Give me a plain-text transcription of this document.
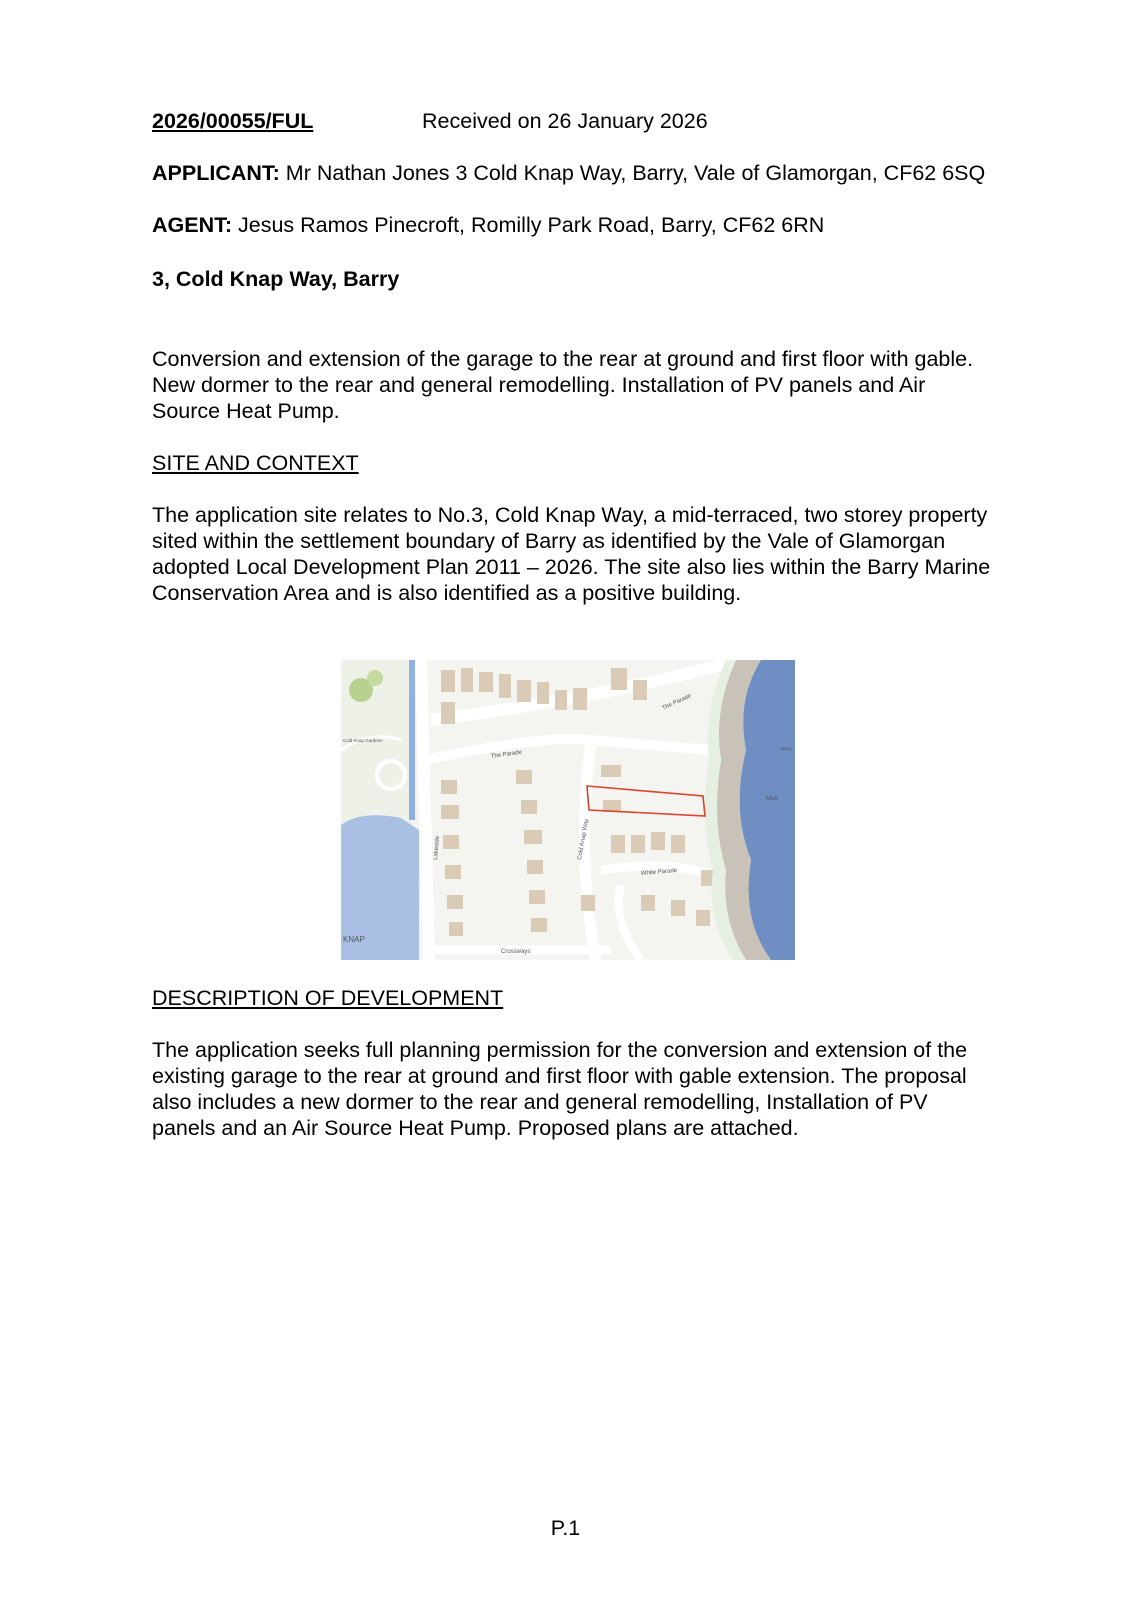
2026/00055/FUL	Received on 26 January 2026

APPLICANT: Mr Nathan Jones 3 Cold Knap Way, Barry, Vale of Glamorgan, CF62 6SQ

AGENT: Jesus Ramos Pinecroft, Romilly Park Road, Barry, CF62 6RN

3, Cold Knap Way, Barry

Conversion and extension of the garage to the rear at ground and first floor with gable. New dormer to the rear and general remodelling. Installation of PV panels and Air Source Heat Pump.

SITE AND CONTEXT

The application site relates to No.3, Cold Knap Way, a mid-terraced, two storey property sited within the settlement boundary of Barry as identified by the Vale of Glamorgan adopted Local Development Plan 2011 – 2026. The site also lies within the Barry Marine Conservation Area and is also identified as a positive building.

The Parade
The Parade
Cold Knap Way
Lakeside
White Parade
Crossways
Cold Knap Gardens
Mud
Barry
KNAP

DESCRIPTION OF DEVELOPMENT

The application seeks full planning permission for the conversion and extension of the existing garage to the rear at ground and first floor with gable extension. The proposal also includes a new dormer to the rear and general remodelling, Installation of PV panels and an Air Source Heat Pump. Proposed plans are attached.

P.1
